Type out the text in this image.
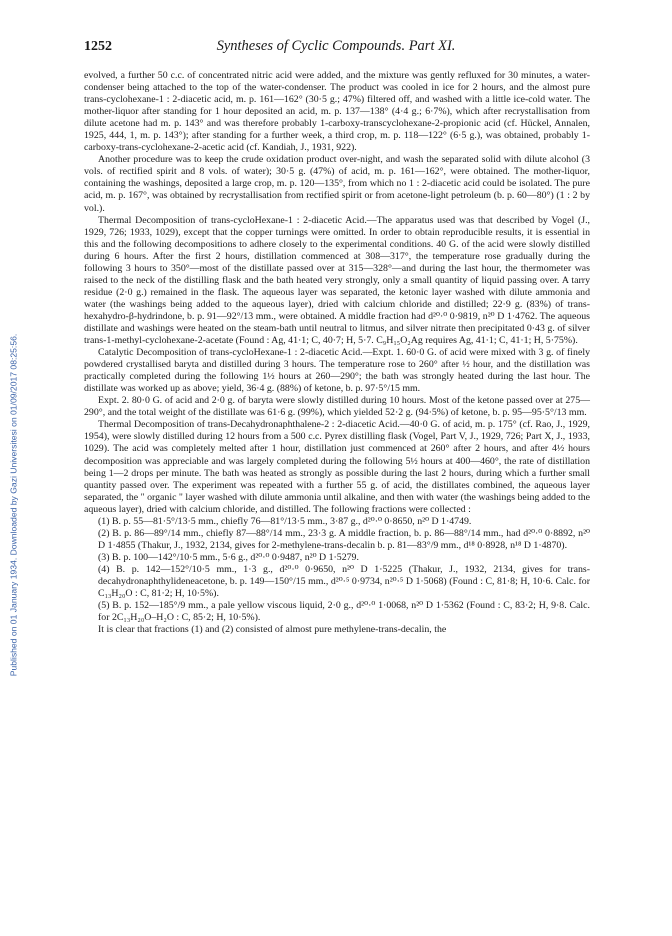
Published on 01 January 1934. Downloaded by Gazi Universitesi on 01/09/2017 08:25:56.
1252	Syntheses of Cyclic Compounds. Part XI.

evolved, a further 50 c.c. of concentrated nitric acid were added, and the mixture was gently refluxed for 30 minutes, a water-condenser being attached to the top of the water-condenser. The product was cooled in ice for 2 hours, and the almost pure trans-cyclohexane-1 : 2-diacetic acid, m. p. 161—162° (30·5 g.; 47%) filtered off, and washed with a little ice-cold water. The mother-liquor after standing for 1 hour deposited an acid, m. p. 137—138° (4·4 g.; 6·7%), which after recrystallisation from dilute acetone had m. p. 143° and was therefore probably 1-carboxy-transcyclohexane-2-propionic acid (cf. Hückel, Annalen, 1925, 444, 1, m. p. 143°); after standing for a further week, a third crop, m. p. 118—122° (6·5 g.), was obtained, probably 1-carboxy-trans-cyclohexane-2-acetic acid (cf. Kandiah, J., 1931, 922).

Another procedure was to keep the crude oxidation product over-night, and wash the separated solid with dilute alcohol (3 vols. of rectified spirit and 8 vols. of water); 30·5 g. (47%) of acid, m. p. 161—162°, were obtained. The mother-liquor, containing the washings, deposited a large crop, m. p. 120—135°, from which no 1 : 2-diacetic acid could be isolated. The pure acid, m. p. 167°, was obtained by recrystallisation from rectified spirit or from acetone-light petroleum (b. p. 60—80°) (1 : 2 by vol.).

Thermal Decomposition of trans-cycloHexane-1 : 2-diacetic Acid.—The apparatus used was that described by Vogel (J., 1929, 726; 1933, 1029), except that the copper turnings were omitted. In order to obtain reproducible results, it is essential in this and the following decompositions to adhere closely to the experimental conditions. 40 G. of the acid were slowly distilled during 6 hours. After the first 2 hours, distillation commenced at 308—317°, the temperature rose gradually during the following 3 hours to 350°—most of the distillate passed over at 315—328°—and during the last hour, the thermometer was raised to the neck of the distilling flask and the bath heated very strongly, only a small quantity of liquid passing over. A tarry residue (2·0 g.) remained in the flask. The aqueous layer was separated, the ketonic layer washed with dilute ammonia and water (the washings being added to the aqueous layer), dried with calcium chloride and distilled; 22·9 g. (83%) of trans-hexahydro-β-hydrindone, b. p. 91—92°/13 mm., were obtained. A middle fraction had d²⁰·⁰ 0·9819, n²⁰ D 1·4762. The aqueous distillate and washings were heated on the steam-bath until neutral to litmus, and silver nitrate then precipitated 0·43 g. of silver trans-1-methyl-cyclohexane-2-acetate (Found : Ag, 41·1; C, 40·7; H, 5·7. C₉H₁₅O₂Ag requires Ag, 41·1; C, 41·1; H, 5·75%).

Catalytic Decomposition of trans-cycloHexane-1 : 2-diacetic Acid.—Expt. 1. 60·0 G. of acid were mixed with 3 g. of finely powdered crystallised baryta and distilled during 3 hours. The temperature rose to 260° after ½ hour, and the distillation was practically completed during the following 1½ hours at 260—290°; the bath was strongly heated during the last hour. The distillate was worked up as above; yield, 36·4 g. (88%) of ketone, b. p. 97·5°/15 mm.

Expt. 2. 80·0 G. of acid and 2·0 g. of baryta were slowly distilled during 10 hours. Most of the ketone passed over at 275—290°, and the total weight of the distillate was 61·6 g. (99%), which yielded 52·2 g. (94·5%) of ketone, b. p. 95—95·5°/13 mm.

Thermal Decomposition of trans-Decahydronaphthalene-2 : 2-diacetic Acid.—40·0 G. of acid, m. p. 175° (cf. Rao, J., 1929, 1954), were slowly distilled during 12 hours from a 500 c.c. Pyrex distilling flask (Vogel, Part V, J., 1929, 726; Part X, J., 1933, 1029). The acid was completely melted after 1 hour, distillation just commenced at 260° after 2 hours, and after 4½ hours decomposition was appreciable and was largely completed during the following 5½ hours at 400—460°, the rate of distillation being 1—2 drops per minute. The bath was heated as strongly as possible during the last 2 hours, during which a further small quantity passed over. The experiment was repeated with a further 55 g. of acid, the distillates combined, the aqueous layer separated, the " organic " layer washed with dilute ammonia until alkaline, and then with water (the washings being added to the aqueous layer), dried with calcium chloride, and distilled. The following fractions were collected :

(1) B. p. 55—81·5°/13·5 mm., chiefly 76—81°/13·5 mm., 3·87 g., d²⁰·⁰ 0·8650, n²⁰ D 1·4749.

(2) B. p. 86—89°/14 mm., chiefly 87—88°/14 mm., 23·3 g. A middle fraction, b. p. 86—88°/14 mm., had d²⁰·⁰ 0·8892, n²⁰ D 1·4855 (Thakur, J., 1932, 2134, gives for 2-methylene-trans-decalin b. p. 81—83°/9 mm., d¹⁸ 0·8928, n¹⁸ D 1·4870).

(3) B. p. 100—142°/10·5 mm., 5·6 g., d²⁰·⁰ 0·9487, n²⁰ D 1·5279.

(4) B. p. 142—152°/10·5 mm., 1·3 g., d²⁰·⁰ 0·9650, n²⁰ D 1·5225 (Thakur, J., 1932, 2134, gives for trans-decahydronaphthylideneacetone, b. p. 149—150°/15 mm., d²⁰·⁵ 0·9734, n²⁰·⁵ D 1·5068) (Found : C, 81·8; H, 10·6. Calc. for C₁₃H₂₀O : C, 81·2; H, 10·5%).

(5) B. p. 152—185°/9 mm., a pale yellow viscous liquid, 2·0 g., d²⁰·⁰ 1·0068, n²⁰ D 1·5362 (Found : C, 83·2; H, 9·8. Calc. for 2C₁₃H₂₀O–H₂O : C, 85·2; H, 10·5%).

It is clear that fractions (1) and (2) consisted of almost pure methylene-trans-decalin, the
